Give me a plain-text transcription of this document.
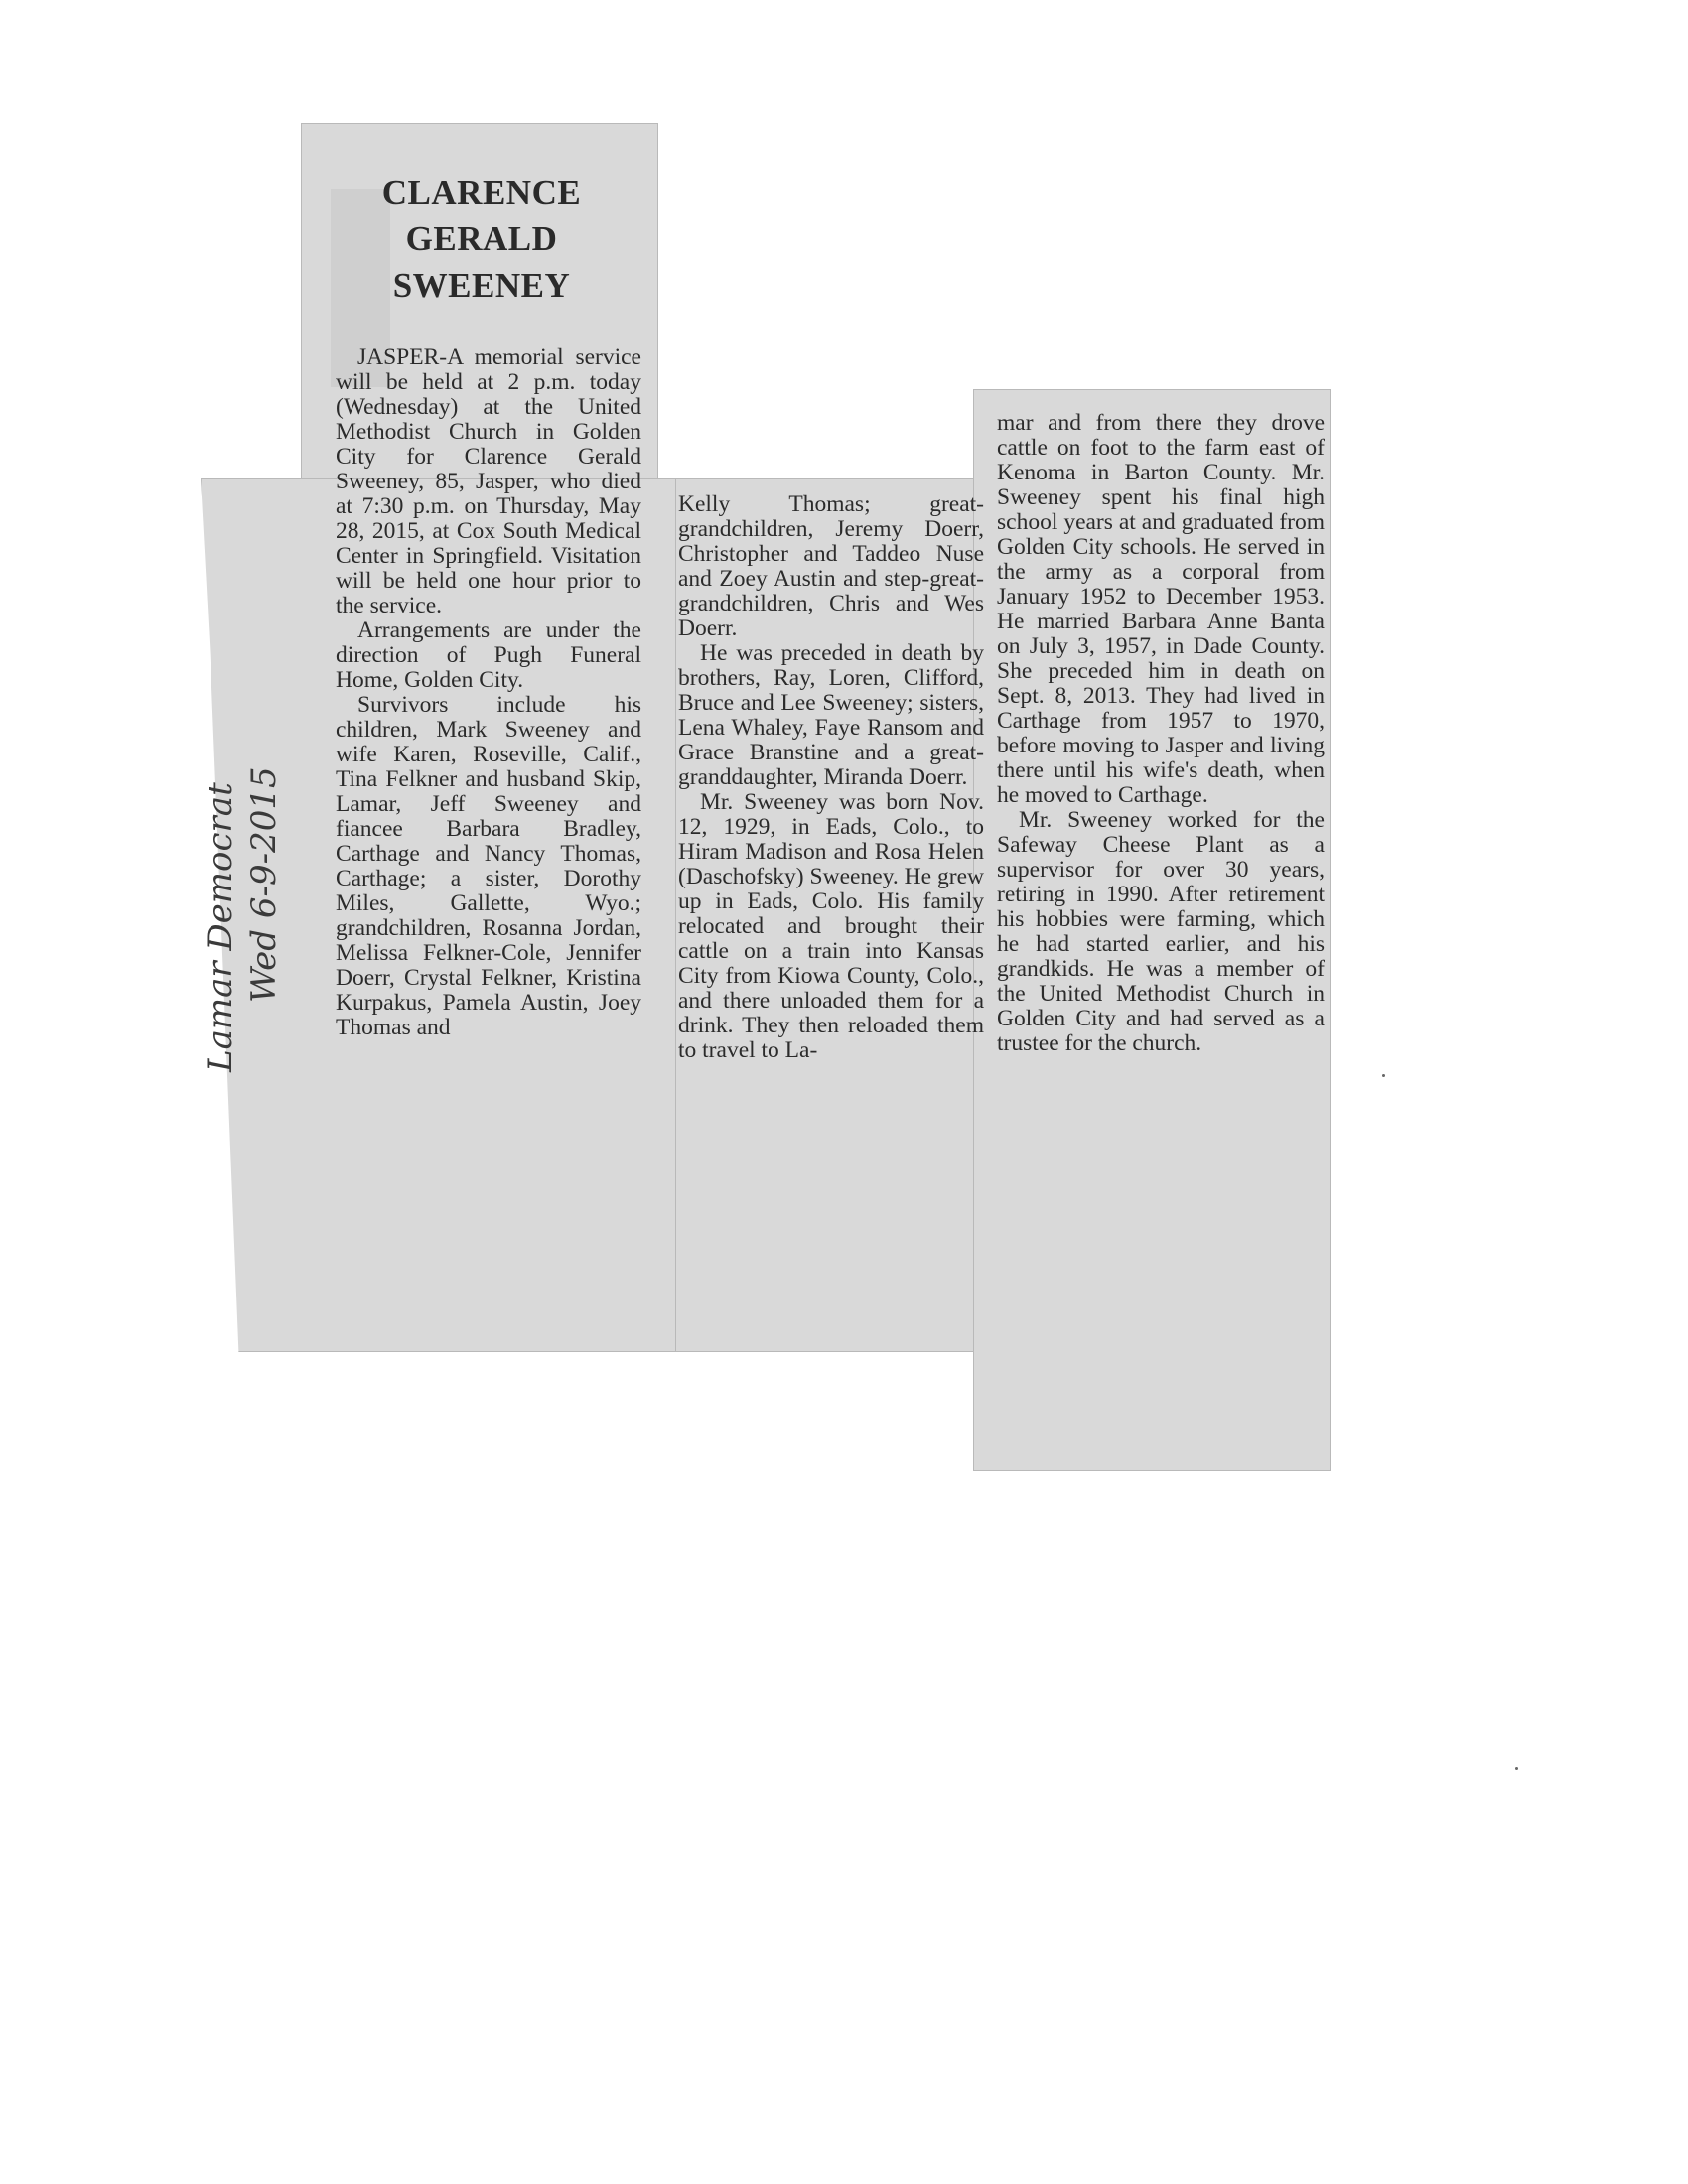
CLARENCE
GERALD
SWEENEY

JASPER-A memorial service will be held at 2 p.m. today (Wednesday) at the United Methodist Church in Golden City for Clarence Gerald Sweeney, 85, Jasper, who died at 7:30 p.m. on Thursday, May 28, 2015, at Cox South Medical Center in Springfield. Visitation will be held one hour prior to the service.

Arrangements are under the direction of Pugh Funeral Home, Golden City.

Survivors include his children, Mark Sweeney and wife Karen, Roseville, Calif., Tina Felkner and husband Skip, Lamar, Jeff Sweeney and fiancee Barbara Bradley, Carthage and Nancy Thomas, Carthage; a sister, Dorothy Miles, Gallette, Wyo.; grandchildren, Rosanna Jordan, Melissa Felkner-Cole, Jennifer Doerr, Crystal Felkner, Kristina Kurpakus, Pamela Austin, Joey Thomas and

Kelly Thomas; great-grandchildren, Jeremy Doerr, Christopher and Taddeo Nuse and Zoey Austin and step-great-grandchildren, Chris and Wes Doerr.

He was preceded in death by brothers, Ray, Loren, Clifford, Bruce and Lee Sweeney; sisters, Lena Whaley, Faye Ransom and Grace Branstine and a great-granddaughter, Miranda Doerr.

Mr. Sweeney was born Nov. 12, 1929, in Eads, Colo., to Hiram Madison and Rosa Helen (Daschofsky) Sweeney. He grew up in Eads, Colo. His family relocated and brought their cattle on a train into Kansas City from Kiowa County, Colo., and there unloaded them for a drink. They then reloaded them to travel to La-

mar and from there they drove cattle on foot to the farm east of Kenoma in Barton County. Mr. Sweeney spent his final high school years at and graduated from Golden City schools. He served in the army as a corporal from January 1952 to December 1953. He married Barbara Anne Banta on July 3, 1957, in Dade County. She preceded him in death on Sept. 8, 2013. They had lived in Carthage from 1957 to 1970, before moving to Jasper and living there until his wife's death, when he moved to Carthage.

Mr. Sweeney worked for the Safeway Cheese Plant as a supervisor for over 30 years, retiring in 1990. After retirement his hobbies were farming, which he had started earlier, and his grandkids. He was a member of the United Methodist Church in Golden City and had served as a trustee for the church.

Lamar Democrat Wed 6-9-2015
